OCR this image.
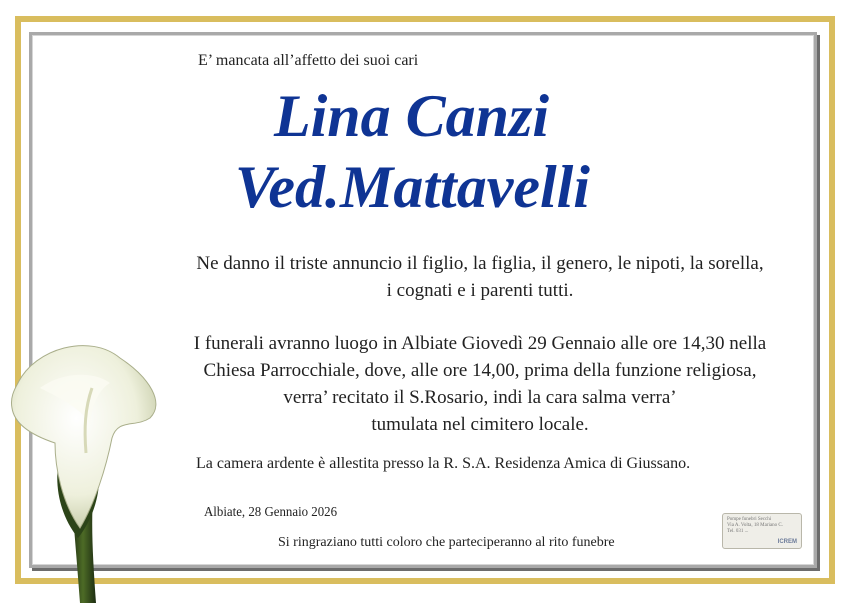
E’ mancata all’affetto dei suoi cari
Lina Canzi
Ved.Mattavelli
Ne danno il triste annuncio il figlio, la figlia, il genero, le nipoti, la sorella,
i cognati e i parenti tutti.
I funerali avranno luogo in Albiate Giovedì 29 Gennaio alle ore 14,30 nella
Chiesa Parrocchiale, dove, alle ore 14,00, prima della funzione religiosa,
verra’ recitato il S.Rosario, indi la cara salma verra’
tumulata nel cimitero locale.
La camera ardente è allestita presso la R. S.A. Residenza Amica di Giussano.
Albiate, 28 Gennaio 2026
Si ringraziano tutti coloro che parteciperanno al rito funebre
Pompe funebri Secchi
Via A. Volta, 18 Mariano C.
Tel. 031 ...
ICREM
